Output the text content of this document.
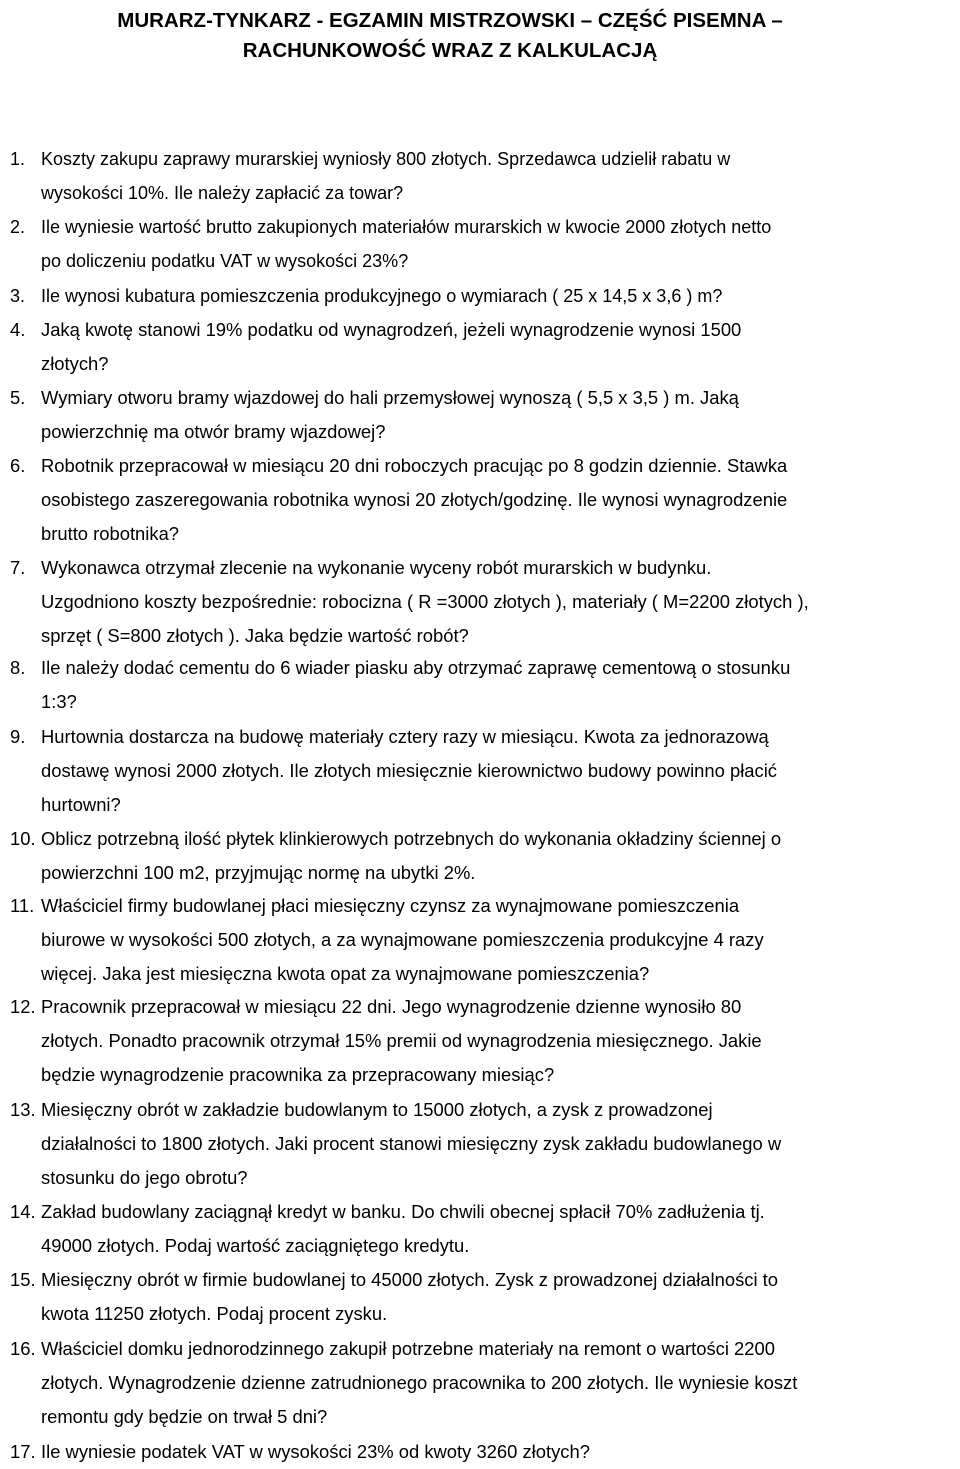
MURARZ-TYNKARZ - EGZAMIN MISTRZOWSKI – CZĘŚĆ PISEMNA –
RACHUNKOWOŚĆ WRAZ Z KALKULACJĄ
1. Koszty zakupu zaprawy murarskiej wyniosły 800 złotych. Sprzedawca udzielił rabatu w
wysokości 10%. Ile należy zapłacić za towar?
2. Ile wyniesie wartość brutto zakupionych materiałów murarskich w kwocie 2000 złotych netto
po doliczeniu podatku VAT w wysokości 23%?
3. Ile wynosi kubatura pomieszczenia produkcyjnego o wymiarach ( 25 x 14,5 x 3,6 ) m?
4. Jaką kwotę stanowi 19% podatku od wynagrodzeń, jeżeli wynagrodzenie wynosi 1500
złotych?
5. Wymiary otworu bramy wjazdowej do hali przemysłowej wynoszą ( 5,5 x 3,5 ) m. Jaką
powierzchnię ma otwór bramy wjazdowej?
6. Robotnik przepracował w miesiącu 20 dni roboczych pracując po 8 godzin dziennie. Stawka
osobistego zaszeregowania robotnika wynosi 20 złotych/godzinę. Ile wynosi wynagrodzenie
brutto robotnika?
7. Wykonawca otrzymał zlecenie na wykonanie wyceny robót murarskich w budynku.
Uzgodniono koszty bezpośrednie: robocizna ( R =3000 złotych ), materiały ( M=2200 złotych ),
sprzęt ( S=800 złotych ). Jaka będzie wartość robót?
8. Ile należy dodać cementu do 6 wiader piasku aby otrzymać zaprawę cementową o stosunku
1:3?
9. Hurtownia dostarcza na budowę materiały cztery razy w miesiącu. Kwota za jednorazową
dostawę wynosi 2000 złotych. Ile złotych miesięcznie kierownictwo budowy powinno płacić
hurtowni?
10. Oblicz potrzebną ilość płytek klinkierowych potrzebnych do wykonania okładziny ściennej o
powierzchni 100 m2, przyjmując normę na ubytki 2%.
11. Właściciel firmy budowlanej płaci miesięczny czynsz za wynajmowane pomieszczenia
biurowe w wysokości 500 złotych, a za wynajmowane pomieszczenia produkcyjne 4 razy
więcej. Jaka jest miesięczna kwota opat za wynajmowane pomieszczenia?
12. Pracownik przepracował w miesiącu 22 dni. Jego wynagrodzenie dzienne wynosiło 80
złotych. Ponadto pracownik otrzymał 15% premii od wynagrodzenia miesięcznego. Jakie
będzie wynagrodzenie pracownika za przepracowany miesiąc?
13. Miesięczny obrót w zakładzie budowlanym to 15000 złotych, a zysk z prowadzonej
działalności to 1800 złotych. Jaki procent stanowi miesięczny zysk zakładu budowlanego w
stosunku do jego obrotu?
14. Zakład budowlany zaciągnął kredyt w banku. Do chwili obecnej spłacił 70% zadłużenia tj.
49000 złotych. Podaj wartość zaciągniętego kredytu.
15. Miesięczny obrót w firmie budowlanej to 45000 złotych. Zysk z prowadzonej działalności to
kwota 11250 złotych. Podaj procent zysku.
16. Właściciel domku jednorodzinnego zakupił potrzebne materiały na remont o wartości 2200
złotych. Wynagrodzenie dzienne zatrudnionego pracownika to 200 złotych. Ile wyniesie koszt
remontu gdy będzie on trwał 5 dni?
17. Ile wyniesie podatek VAT w wysokości 23% od kwoty 3260 złotych?
